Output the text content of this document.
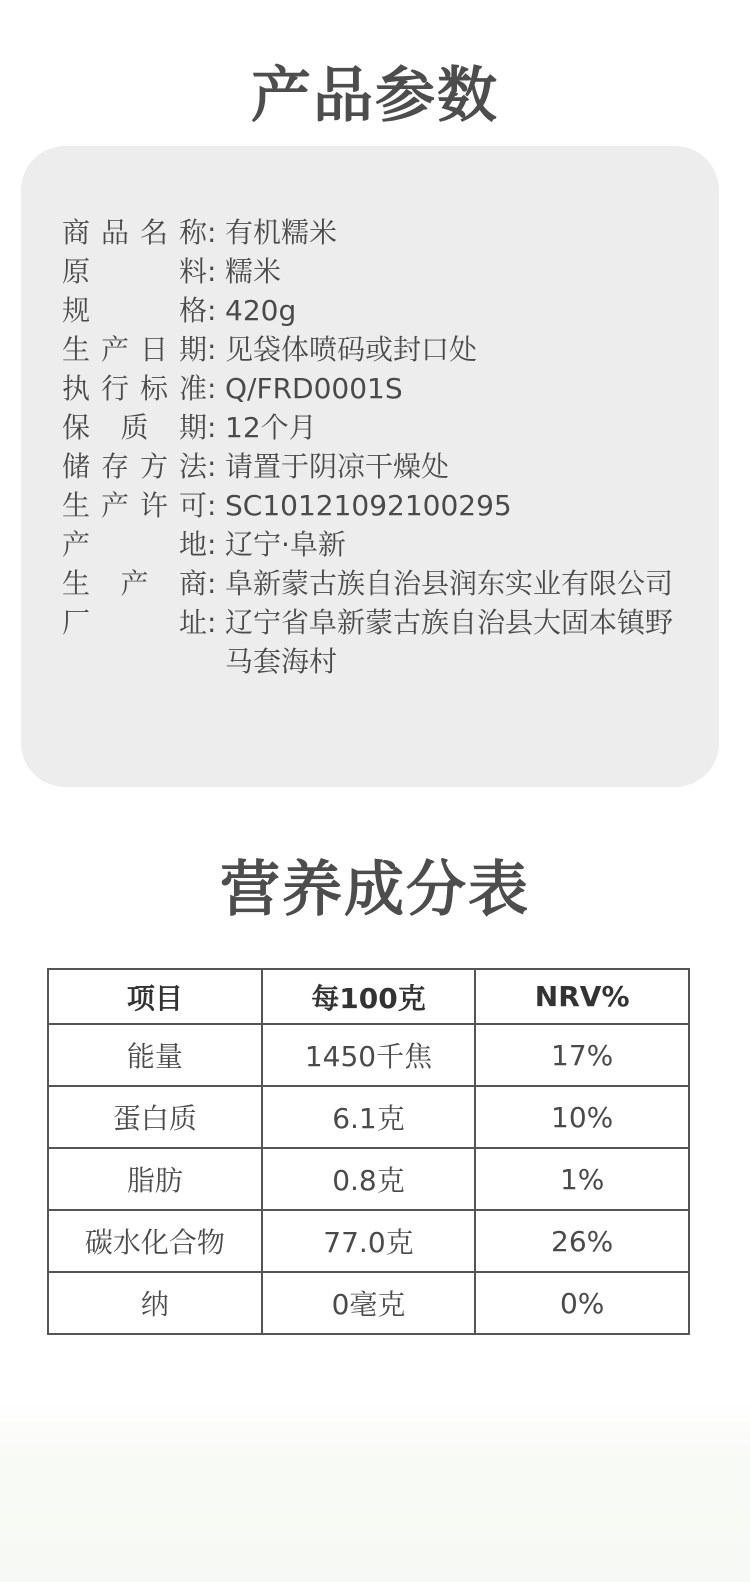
产品参数
商品名称 : 有机糯米
原料 : 糯米
规格 : 420g
生产日期 : 见袋体喷码或封口处
执行标准 : Q/FRD0001S
保质期 : 12个月
储存方法 : 请置于阴凉干燥处
生产许可 : SC10121092100295
产地 : 辽宁·阜新
生产商 : 阜新蒙古族自治县润东实业有限公司
厂址 : 辽宁省阜新蒙古族自治县大固本镇野马套海村
营养成分表
项目	每100克	NRV%
能量	1450千焦	17%
蛋白质	6.1克	10%
脂肪	0.8克	1%
碳水化合物	77.0克	26%
纳	0毫克	0%
